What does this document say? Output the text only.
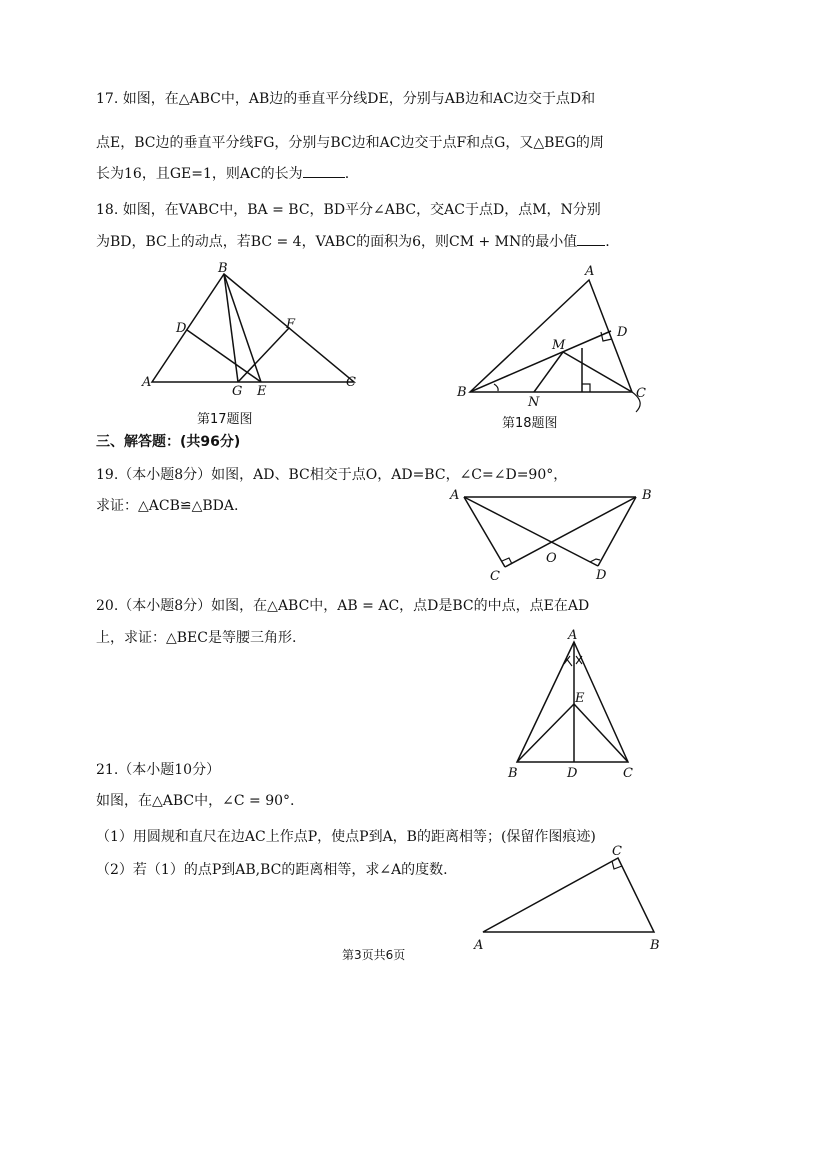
17. 如图，在△ABC中，AB边的垂直平分线DE，分别与AB边和AC边交于点D和
点E，BC边的垂直平分线FG，分别与BC边和AC边交于点F和点G，又△BEG的周
长为16，且GE=1，则AC的长为	.
18. 如图，在VABC中，BA = BC，BD平分∠ABC，交AC于点D，点M，N分别
为BD，BC上的动点，若BC = 4，VABC的面积为6，则CM + MN的最小值 .
B
D	F
A
G E
C
第17题图
A
D
M
B
N
C
第18题图
三、解答题：(共96分)
19.（本小题8分）如图，AD、BC相交于点O，AD=BC，∠C=∠D=90°，
求证：△ACB≌△BDA.
A	B
O
C	D
20.（本小题8分）如图，在△ABC中，AB = AC，点D是BC的中点，点E在AD
上，求证：△BEC是等腰三角形.	A
E
B	D	C
21.（本小题10分）
如图，在△ABC中，∠C = 90°.
（1）用圆规和直尺在边AC上作点P，使点P到A，B的距离相等；(保留作图痕迹)
（2）若（1）的点P到AB,BC的距离相等，求∠A的度数.
C
A	B
第3页共6页
